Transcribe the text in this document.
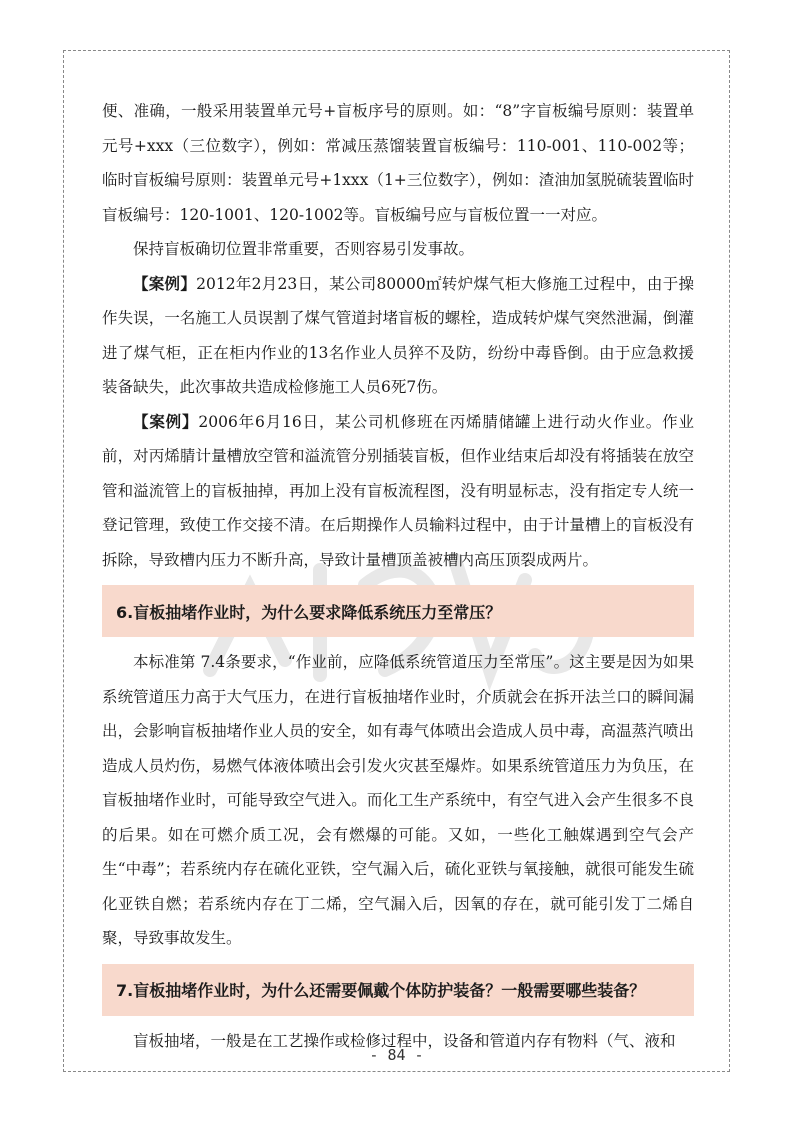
便、准确，一般采用装置单元号+盲板序号的原则。如：“8”字盲板编号原则：装置单元号+xxx（三位数字），例如：常减压蒸馏装置盲板编号：110-001、110-002等；临时盲板编号原则：装置单元号+1xxx（1+三位数字），例如：渣油加氢脱硫装置临时盲板编号：120-1001、120-1002等。盲板编号应与盲板位置一一对应。

保持盲板确切位置非常重要，否则容易引发事故。

【案例】2012年2月23日，某公司80000㎡转炉煤气柜大修施工过程中，由于操作失误，一名施工人员误割了煤气管道封堵盲板的螺栓，造成转炉煤气突然泄漏，倒灌进了煤气柜，正在柜内作业的13名作业人员猝不及防，纷纷中毒昏倒。由于应急救援装备缺失，此次事故共造成检修施工人员6死7伤。

【案例】2006年6月16日，某公司机修班在丙烯腈储罐上进行动火作业。作业前，对丙烯腈计量槽放空管和溢流管分别插装盲板，但作业结束后却没有将插装在放空管和溢流管上的盲板抽掉，再加上没有盲板流程图，没有明显标志，没有指定专人统一登记管理，致使工作交接不清。在后期操作人员输料过程中，由于计量槽上的盲板没有拆除，导致槽内压力不断升高，导致计量槽顶盖被槽内高压顶裂成两片。

6.盲板抽堵作业时，为什么要求降低系统压力至常压？

本标准第 7.4条要求，“作业前，应降低系统管道压力至常压”。这主要是因为如果系统管道压力高于大气压力，在进行盲板抽堵作业时，介质就会在拆开法兰口的瞬间漏出，会影响盲板抽堵作业人员的安全，如有毒气体喷出会造成人员中毒，高温蒸汽喷出造成人员灼伤，易燃气体液体喷出会引发火灾甚至爆炸。如果系统管道压力为负压，在盲板抽堵作业时，可能导致空气进入。而化工生产系统中，有空气进入会产生很多不良的后果。如在可燃介质工况，会有燃爆的可能。又如，一些化工触媒遇到空气会产生“中毒”；若系统内存在硫化亚铁，空气漏入后，硫化亚铁与氧接触，就很可能发生硫化亚铁自燃；若系统内存在丁二烯，空气漏入后，因氧的存在，就可能引发丁二烯自聚，导致事故发生。

7.盲板抽堵作业时，为什么还需要佩戴个体防护装备？一般需要哪些装备？

盲板抽堵，一般是在工艺操作或检修过程中，设备和管道内存有物料（气、液和

- 84 -
